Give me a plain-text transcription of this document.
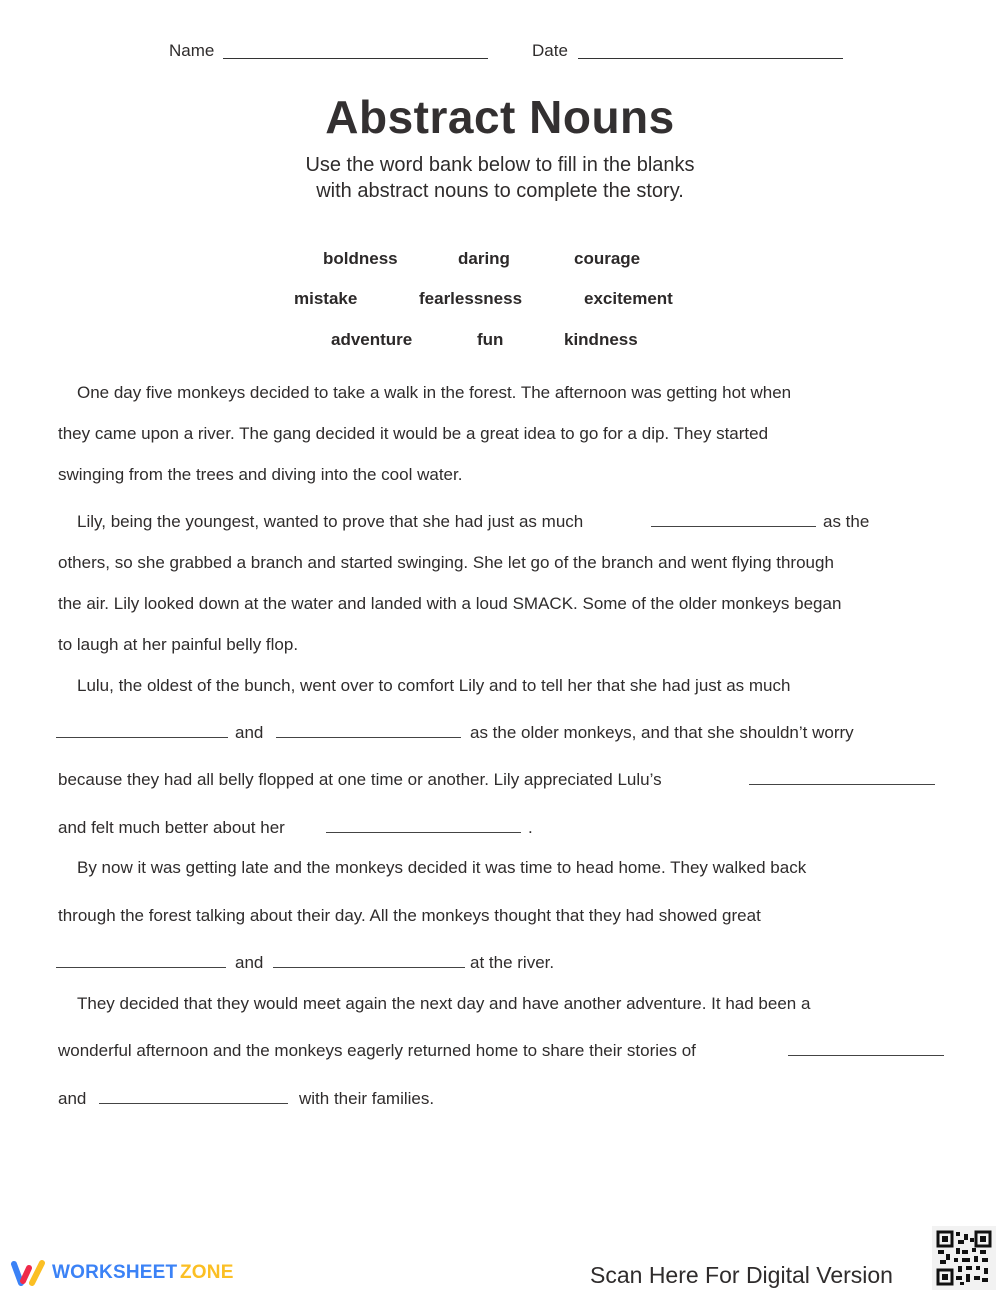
Name	Date
Abstract Nouns
Use the word bank below to fill in the blanks
with abstract nouns to complete the story.
boldness	daring	courage
mistake	fearlessness	excitement
adventure	fun	kindness
One day five monkeys decided to take a walk in the forest. The afternoon was getting hot when
they came upon a river. The gang decided it would be a great idea to go for a dip. They started
swinging from the trees and diving into the cool water.
Lily, being the youngest, wanted to prove that she had just as much	as the
others, so she grabbed a branch and started swinging. She let go of the branch and went flying through
the air. Lily looked down at the water and landed with a loud SMACK. Some of the older monkeys began
to laugh at her painful belly flop.
Lulu, the oldest of the bunch, went over to comfort Lily and to tell her that she had just as much
and	as the older monkeys, and that she shouldn’t worry
because they had all belly flopped at one time or another. Lily appreciated Lulu’s
and felt much better about her	.
By now it was getting late and the monkeys decided it was time to head home. They walked back
through the forest talking about their day. All the monkeys thought that they had showed great
and	at the river.
They decided that they would meet again the next day and have another adventure. It had been a
wonderful afternoon and the monkeys eagerly returned home to share their stories of
and	with their families.
WORKSHEET ZONE	Scan Here For Digital Version
